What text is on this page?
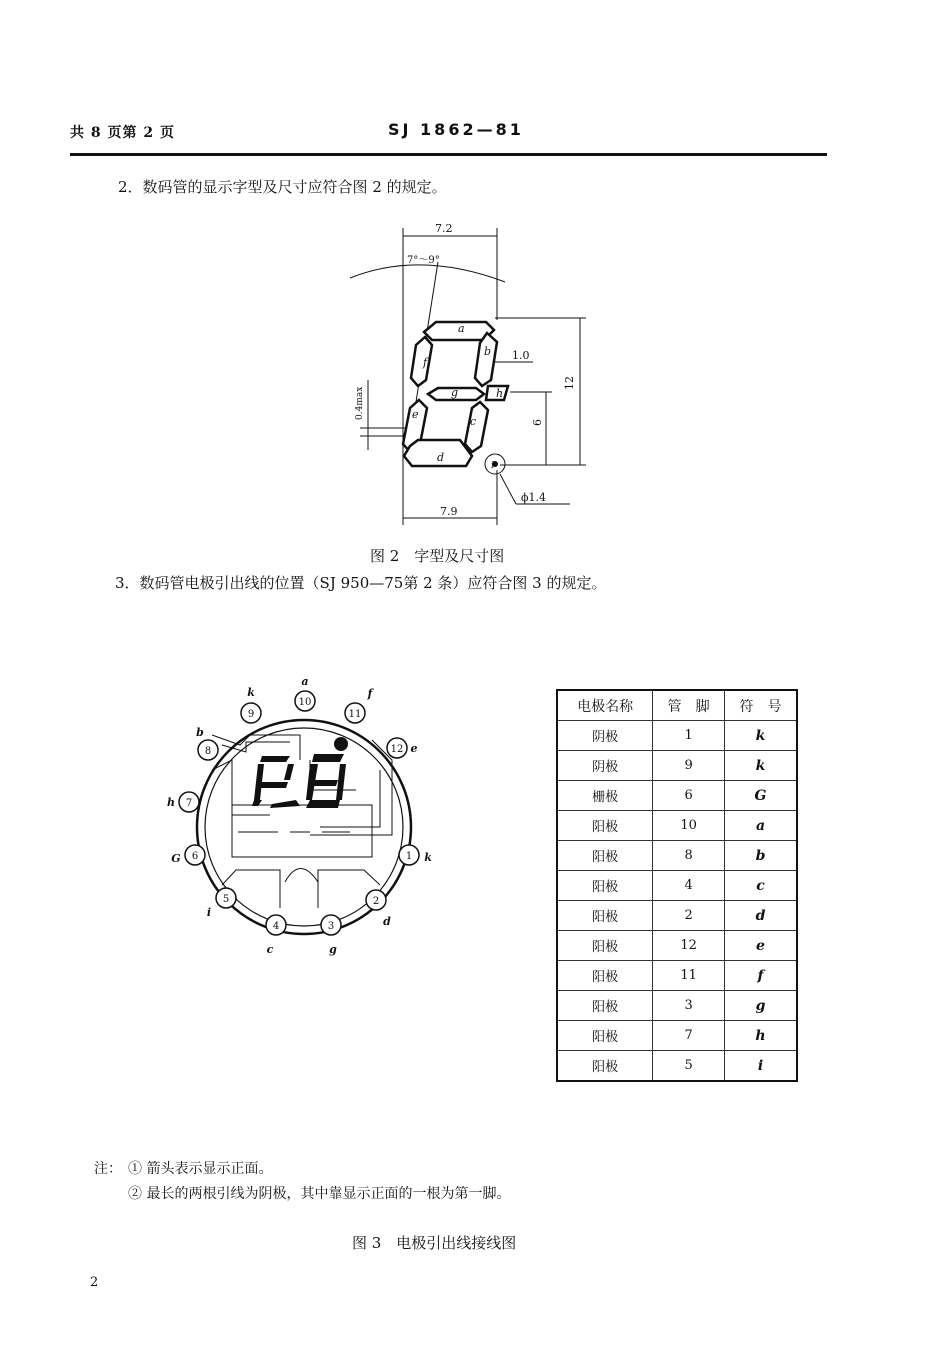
共 8 页第 2 页	SJ 1862—81
2．数码管的显示字型及尺寸应符合图 2 的规定。
7.2
7°～9°
1.0
7.9
ϕ1.4
12
6
0.4max
a
b
c
d
e
f
g	h
i
图 2　字型及尺寸图
3．数码管电极引出线的位置（SJ 950—75第 2 条）应符合图 3 的规定。
1
2
3
4
5
6
7
8
9
10
11
12
k
d
g
c
i
G
h
b
k
a
f
e
电极名称	管　脚	符　号
阴极	1	k
阴极	9	k
栅极	6	G
阳极	10	a
阳极	8	b
阳极	4	c
阳极	2	d
阳极	12	e
阳极	11	f
阳极	3	g
阳极	7	h
阳极	5	i
注： ① 箭头表示显示正面。
② 最长的两根引线为阴极，其中靠显示正面的一根为第一脚。
图 3　电极引出线接线图
2
